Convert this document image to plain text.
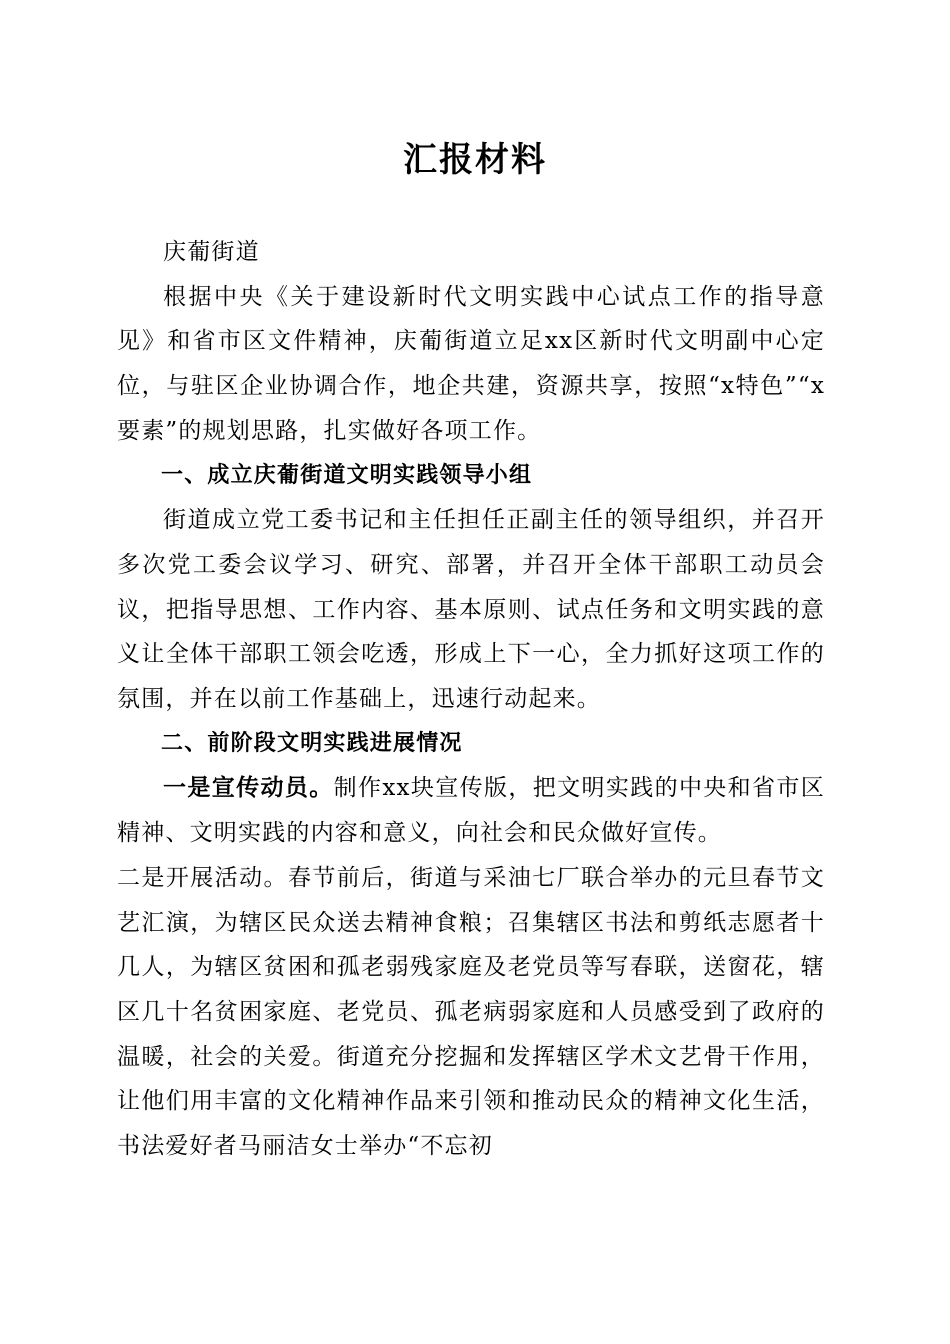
汇报材料

庆葡街道

根据中央《关于建设新时代文明实践中心试点工作的指导意见》和省市区文件精神，庆葡街道立足xx区新时代文明副中心定位，与驻区企业协调合作，地企共建，资源共享，按照“x特色”“x要素”的规划思路，扎实做好各项工作。

一、成立庆葡街道文明实践领导小组

街道成立党工委书记和主任担任正副主任的领导组织，并召开多次党工委会议学习、研究、部署，并召开全体干部职工动员会议，把指导思想、工作内容、基本原则、试点任务和文明实践的意义让全体干部职工领会吃透，形成上下一心，全力抓好这项工作的氛围，并在以前工作基础上，迅速行动起来。

二、前阶段文明实践进展情况

一是宣传动员。制作xx块宣传版，把文明实践的中央和省市区精神、文明实践的内容和意义，向社会和民众做好宣传。

二是开展活动。春节前后，街道与采油七厂联合举办的元旦春节文艺汇演，为辖区民众送去精神食粮；召集辖区书法和剪纸志愿者十几人，为辖区贫困和孤老弱残家庭及老党员等写春联，送窗花，辖区几十名贫困家庭、老党员、孤老病弱家庭和人员感受到了政府的温暖，社会的关爱。街道充分挖掘和发挥辖区学术文艺骨干作用，让他们用丰富的文化精神作品来引领和推动民众的精神文化生活，书法爱好者马丽洁女士举办“不忘初
